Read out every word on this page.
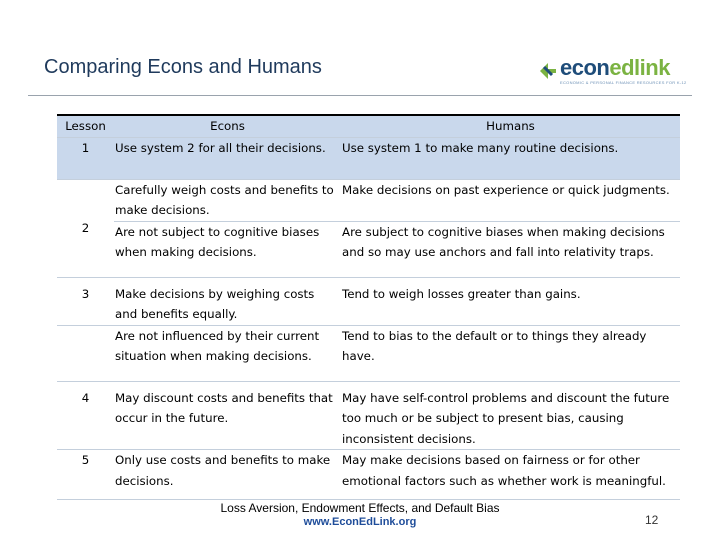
Comparing Econs and Humans	econedlink
ECONOMIC & PERSONAL FINANCE RESOURCES FOR K-12
Lesson	Econs	Humans
1	Use system 2 for all their decisions.	Use system 1 to make many routine decisions.
2	Carefully weigh costs and benefits to make decisions.	Make decisions on past experience or quick judgments.
	Are not subject to cognitive biases when making decisions.	Are subject to cognitive biases when making decisions and so may use anchors and fall into relativity traps.
3	Make decisions by weighing costs and benefits equally.	Tend to weigh losses greater than gains.
	Are not influenced by their current situation when making decisions.	Tend to bias to the default or to things they already have.
4	May discount costs and benefits that occur in the future.	May have self-control problems and discount the future too much or be subject to present bias, causing inconsistent decisions.
5	Only use costs and benefits to make decisions.	May make decisions based on fairness or for other emotional factors such as whether work is meaningful.
Loss Aversion, Endowment Effects, and Default Bias
www.EconEdLink.org	12
